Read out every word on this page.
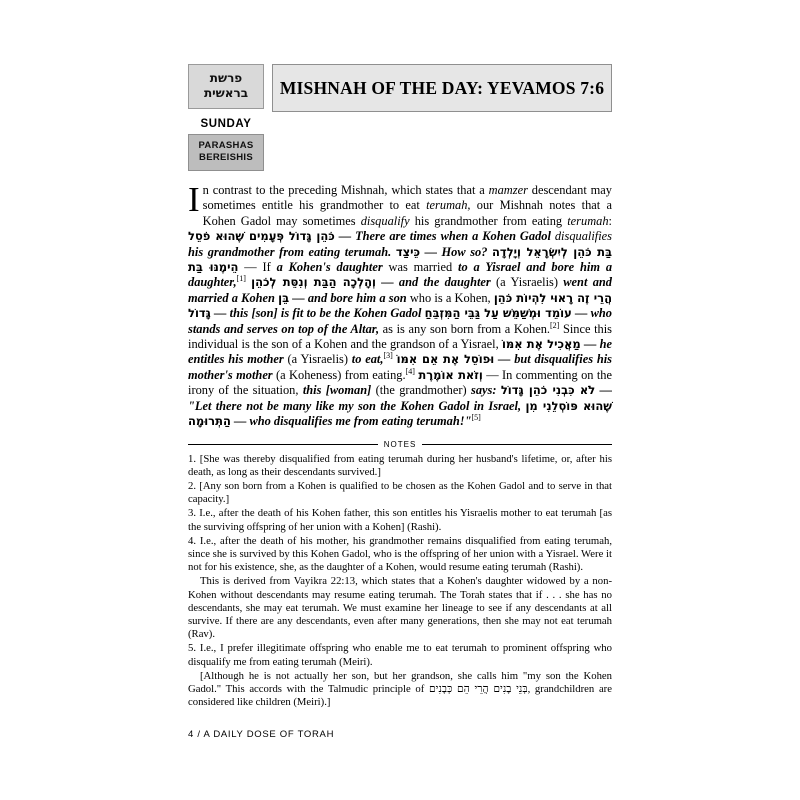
פרשת
בראשית
SUNDAY
PARASHAS
BEREISHIS
MISHNAH OF THE DAY: YEVAMOS 7:6
In contrast to the preceding Mishnah, which states that a mamzer descendant may sometimes entitle his grandmother to eat terumah, our Mishnah notes that a Kohen Gadol may sometimes disqualify his grandmother from eating terumah: כֹּהֵן גָּדוֹל פְּעָמִים שֶׁהוּא פֹסֵל — There are times when a Kohen Gadol disqualifies his grandmother from eating terumah. כֵּיצַד — How so? בַּת כֹּהֵן לְיִשְׂרָאֵל וְיָלְדָה הֵימֶנּוּ בַּת — If a Kohen's daughter was married to a Yisrael and bore him a daughter,[1] וְהָלְכָה הַבַּת וְנִסֵּת לְכֹהֵן — and the daughter (a Yisraelis) went and married a Kohen בֵּן — and bore him a son who is a Kohen, הֲרֵי זֶה רָאוּי לִהְיוֹת כֹּהֵן גָּדוֹל — this [son] is fit to be the Kohen Gadol עוֹמֵד וּמְשַׁמֵּשׁ עַל גַּבֵּי הַמִּזְבֵּחַ — who stands and serves on top of the Altar, as is any son born from a Kohen.[2] Since this individual is the son of a Kohen and the grandson of a Yisrael, מַאֲכִיל אֶת אִמּוֹ — he entitles his mother (a Yisraelis) to eat,[3] וּפוֹסֵל אֶת אֵם אִמּוֹ — but disqualifies his mother's mother (a Koheness) from eating.[4] וְזֹאת אוֹמֶרֶת — In commenting on the irony of the situation, this [woman] (the grandmother) says: לֹא כִּבְנִי כֹהֵן גָּדוֹל — "Let there not be many like my son the Kohen Gadol in Israel, שֶׁהוּא פּוֹסְלֵנִי מִן הַתְּרוּמָה — who disqualifies me from eating terumah!"[5]
NOTES
1. [She was thereby disqualified from eating terumah during her husband's lifetime, or, after his death, as long as their descendants survived.]
2. [Any son born from a Kohen is qualified to be chosen as the Kohen Gadol and to serve in that capacity.]
3. I.e., after the death of his Kohen father, this son entitles his Yisraelis mother to eat terumah [as the surviving offspring of her union with a Kohen] (Rashi).
4. I.e., after the death of his mother, his grandmother remains disqualified from eating terumah, since she is survived by this Kohen Gadol, who is the offspring of her union with a Yisrael. Were it not for his existence, she, as the daughter of a Kohen, would resume eating terumah (Rashi).
This is derived from Vayikra 22:13, which states that a Kohen's daughter widowed by a non-Kohen without descendants may resume eating terumah. The Torah states that if . . . she has no descendants, she may eat terumah. We must examine her lineage to see if any descendants at all survive. If there are any descendants, even after many generations, then she may not eat terumah (Rav).
5. I.e., I prefer illegitimate offspring who enable me to eat terumah to prominent offspring who disqualify me from eating terumah (Meiri).
[Although he is not actually her son, but her grandson, she calls him "my son the Kohen Gadol." This accords with the Talmudic principle of בְּנֵי בָנִים הֲרֵי הֵם כְּבָנִים, grandchildren are considered like children (Meiri).]
4 / A DAILY DOSE OF TORAH
